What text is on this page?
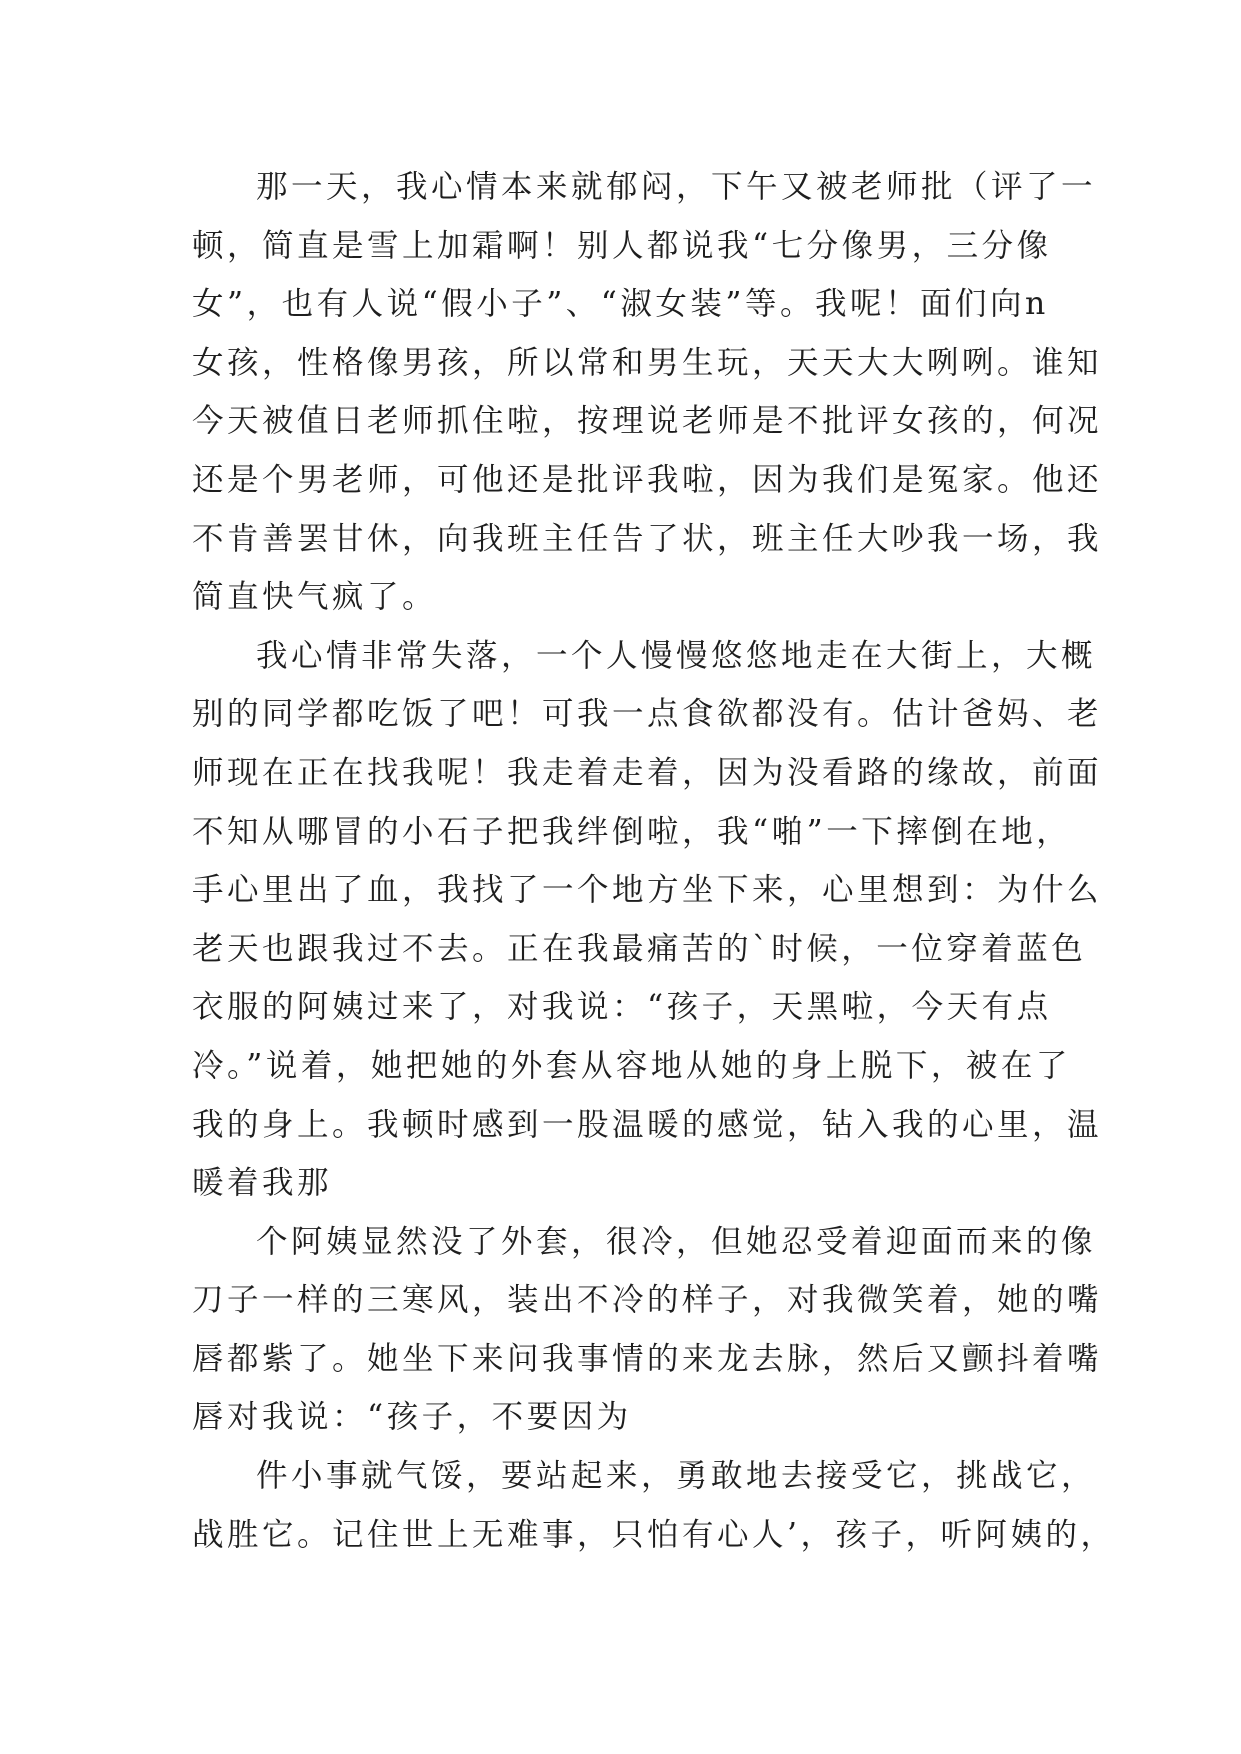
那一天，我心情本来就郁闷，下午又被老师批（评了一
顿，简直是雪上加霜啊！别人都说我“七分像男，三分像
女”，也有人说“假小子”、“淑女装”等。我呢！面们向n
女孩，性格像男孩，所以常和男生玩，天天大大咧咧。谁知
今天被值日老师抓住啦，按理说老师是不批评女孩的，何况
还是个男老师，可他还是批评我啦，因为我们是冤家。他还
不肯善罢甘休，向我班主任告了状，班主任大吵我一场，我
简直快气疯了。
我心情非常失落，一个人慢慢悠悠地走在大街上，大概
别的同学都吃饭了吧！可我一点食欲都没有。估计爸妈、老
师现在正在找我呢！我走着走着，因为没看路的缘故，前面
不知从哪冒的小石子把我绊倒啦，我“啪”一下摔倒在地，
手心里出了血，我找了一个地方坐下来，心里想到：为什么
老天也跟我过不去。正在我最痛苦的`时候，一位穿着蓝色
衣服的阿姨过来了，对我说：“孩子，天黑啦，今天有点
冷。”说着，她把她的外套从容地从她的身上脱下，被在了
我的身上。我顿时感到一股温暖的感觉，钻入我的心里，温
暖着我那
个阿姨显然没了外套，很冷，但她忍受着迎面而来的像
刀子一样的三寒风，装出不冷的样子，对我微笑着，她的嘴
唇都紫了。她坐下来问我事情的来龙去脉，然后又颤抖着嘴
唇对我说：“孩子，不要因为
件小事就气馁，要站起来，勇敢地去接受它，挑战它，
战胜它。记住世上无难事，只怕有心人’，孩子，听阿姨的，
